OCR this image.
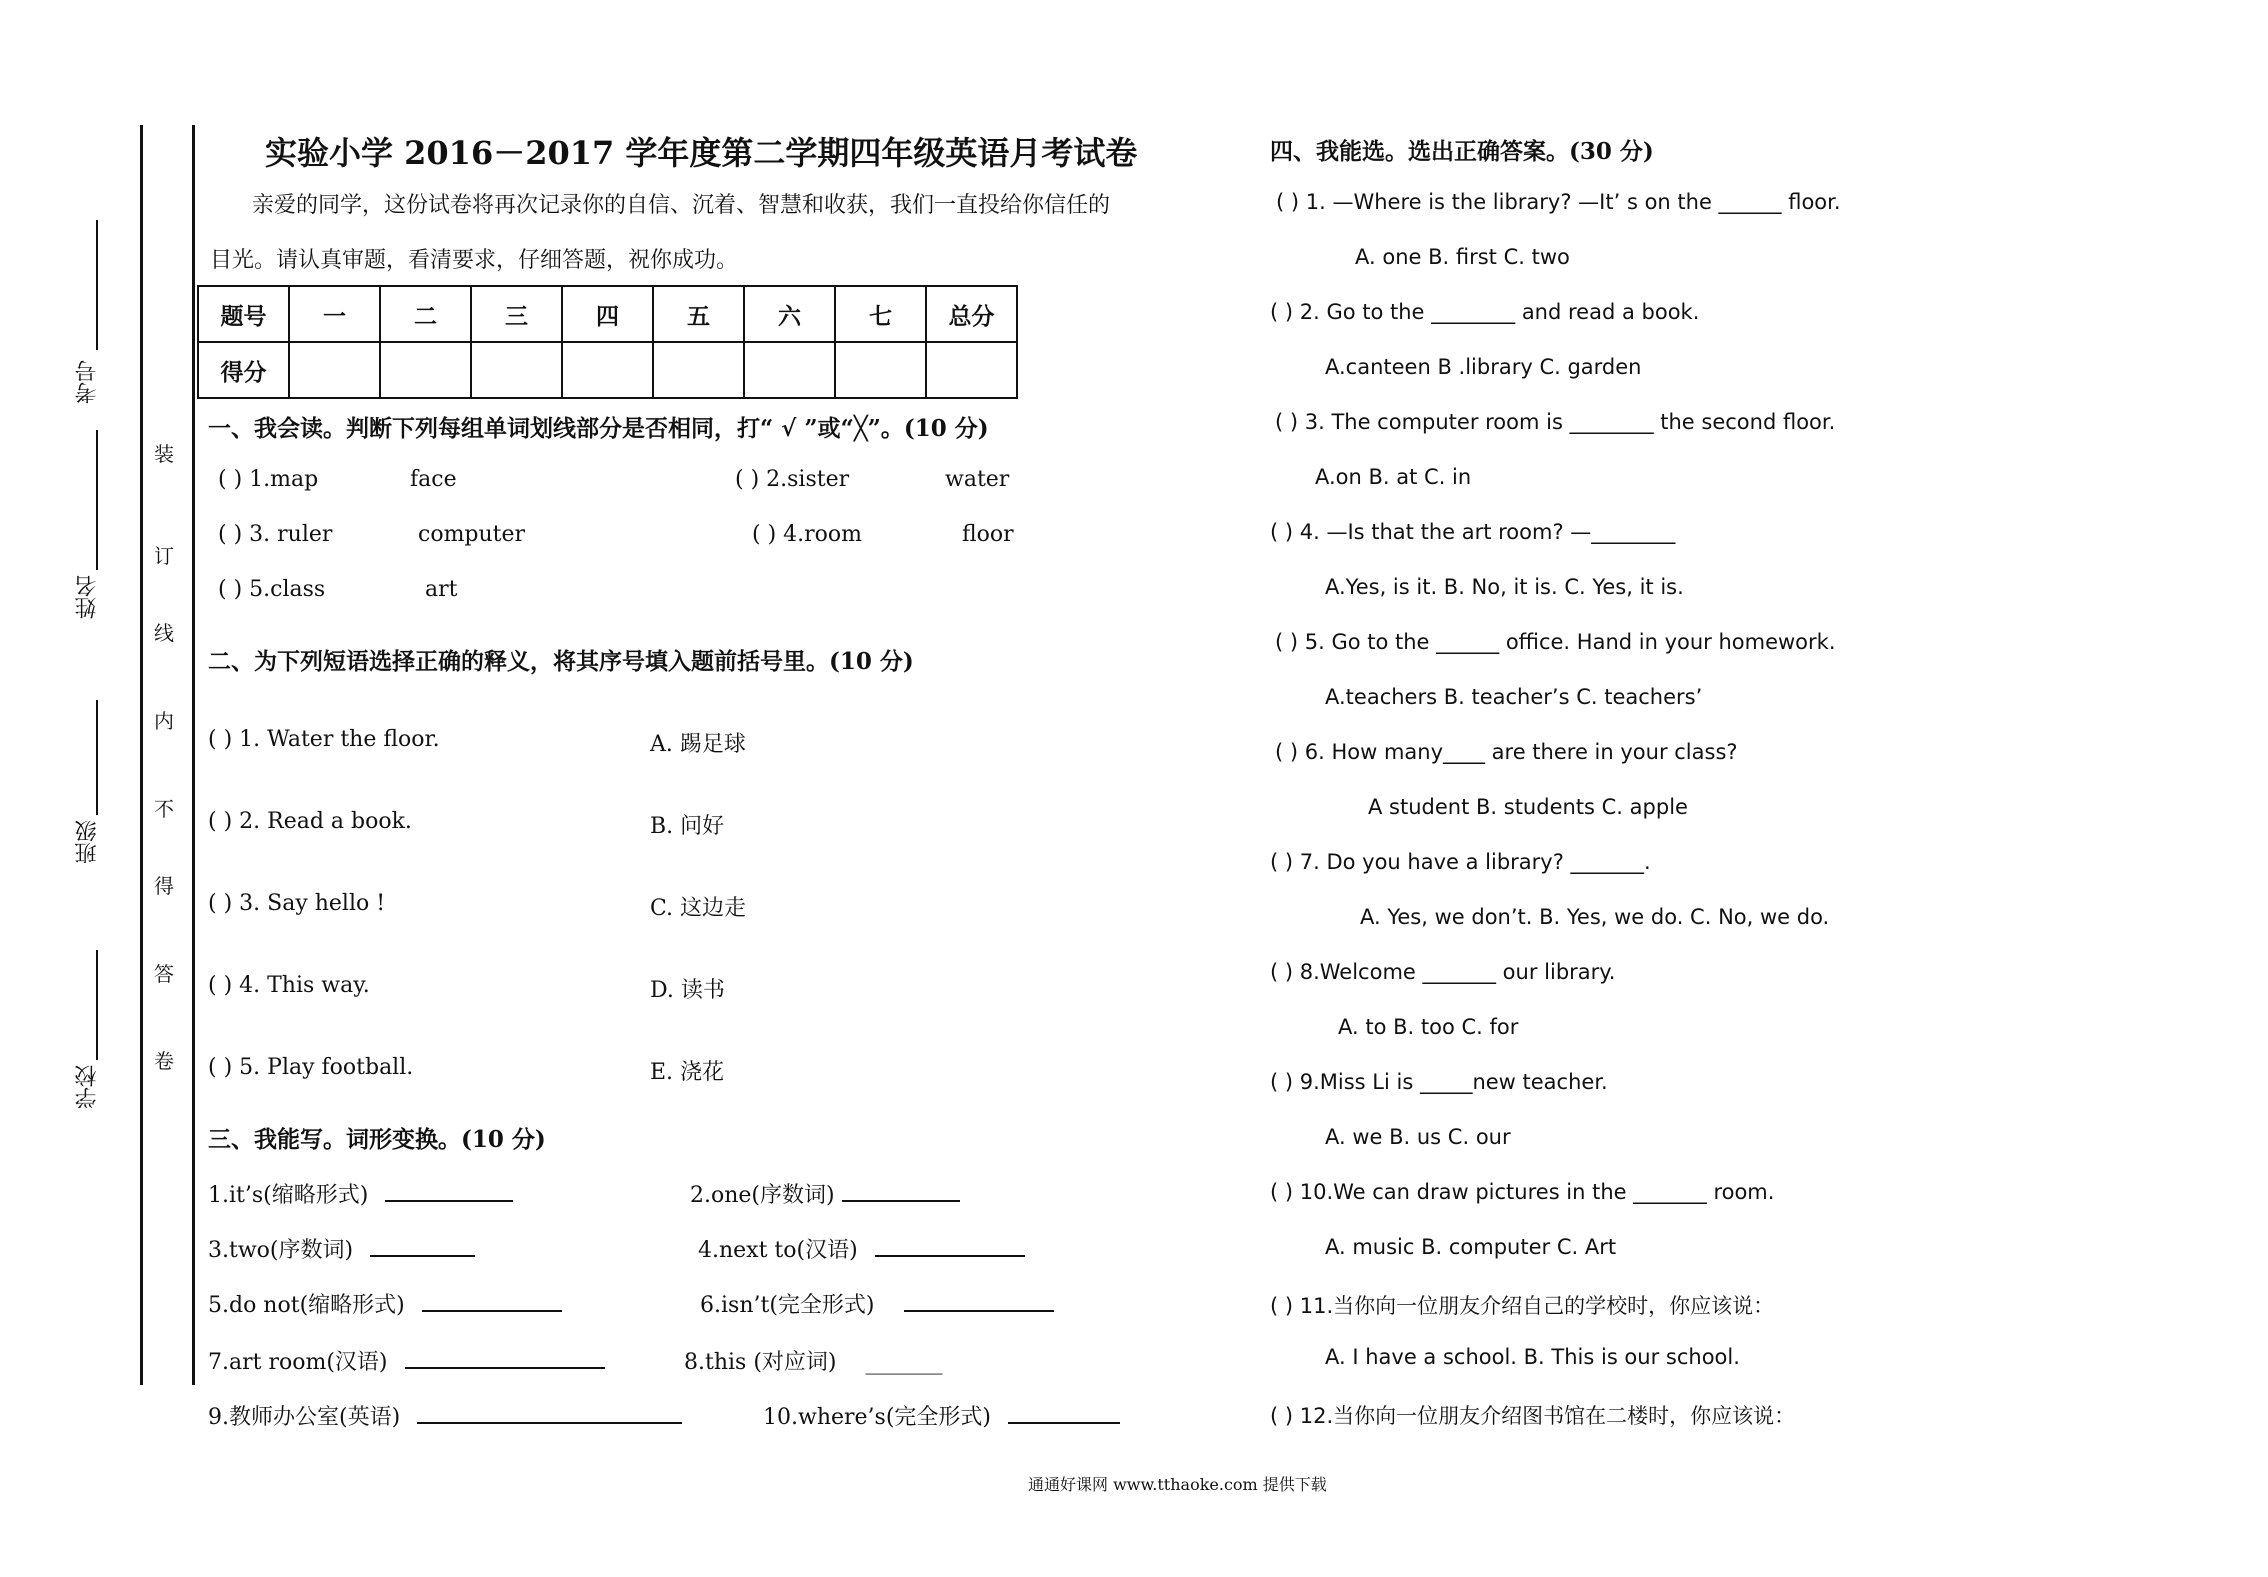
考号
姓名
班级
学校
装
订
线
内
不
得
答
卷
实验小学 2016－2017 学年度第二学期四年级英语月考试卷
亲爱的同学，这份试卷将再次记录你的自信、沉着、智慧和收获，我们一直投给你信任的
目光。请认真审题，看清要求，仔细答题，祝你成功。
题号	一	二	三	四	五	六	七	总分
得分								
一、我会读。判断下列每组单词划线部分是否相同，打“ √ ”或“╳”。(10 分)
( ) 1.map	face	( ) 2.sister	water
( ) 3. ruler	computer	( ) 4.room	floor
( ) 5.class	art
二、为下列短语选择正确的释义，将其序号填入题前括号里。(10 分)
( ) 1. Water the floor.	A. 踢足球
( ) 2. Read a book.	B. 问好
( ) 3. Say hello !	C. 这边走
( ) 4. This way.	D. 读书
( ) 5. Play football.	E. 浇花
三、我能写。词形变换。(10 分)
1.it’s(缩略形式)	2.one(序数词)
3.two(序数词)	4.next to(汉语)
5.do not(缩略形式)	6.isn’t(完全形式)
7.art room(汉语)	8.this (对应词) _______
9.教师办公室(英语)	10.where’s(完全形式)
四、我能选。选出正确答案。(30 分)
( ) 1. —Where is the library? —It’ s on the ______ floor.
A. one B. first C. two
( ) 2. Go to the ________ and read a book.
A.canteen B .library C. garden
( ) 3. The computer room is ________ the second floor.
A.on B. at C. in
( ) 4. —Is that the art room? —________
A.Yes, is it. B. No, it is. C. Yes, it is.
( ) 5. Go to the ______ office. Hand in your homework.
A.teachers B. teacher’s C. teachers’
( ) 6. How many____ are there in your class?
A student B. students C. apple
( ) 7. Do you have a library? _______.
A. Yes, we don’t. B. Yes, we do. C. No, we do.
( ) 8.Welcome _______ our library.
A. to B. too C. for
( ) 9.Miss Li is _____new teacher.
A. we B. us C. our
( ) 10.We can draw pictures in the _______ room.
A. music B. computer C. Art
( ) 11.当你向一位朋友介绍自己的学校时，你应该说：
A. I have a school. B. This is our school.
( ) 12.当你向一位朋友介绍图书馆在二楼时，你应该说：
通通好课网 www.tthaoke.com 提供下载
